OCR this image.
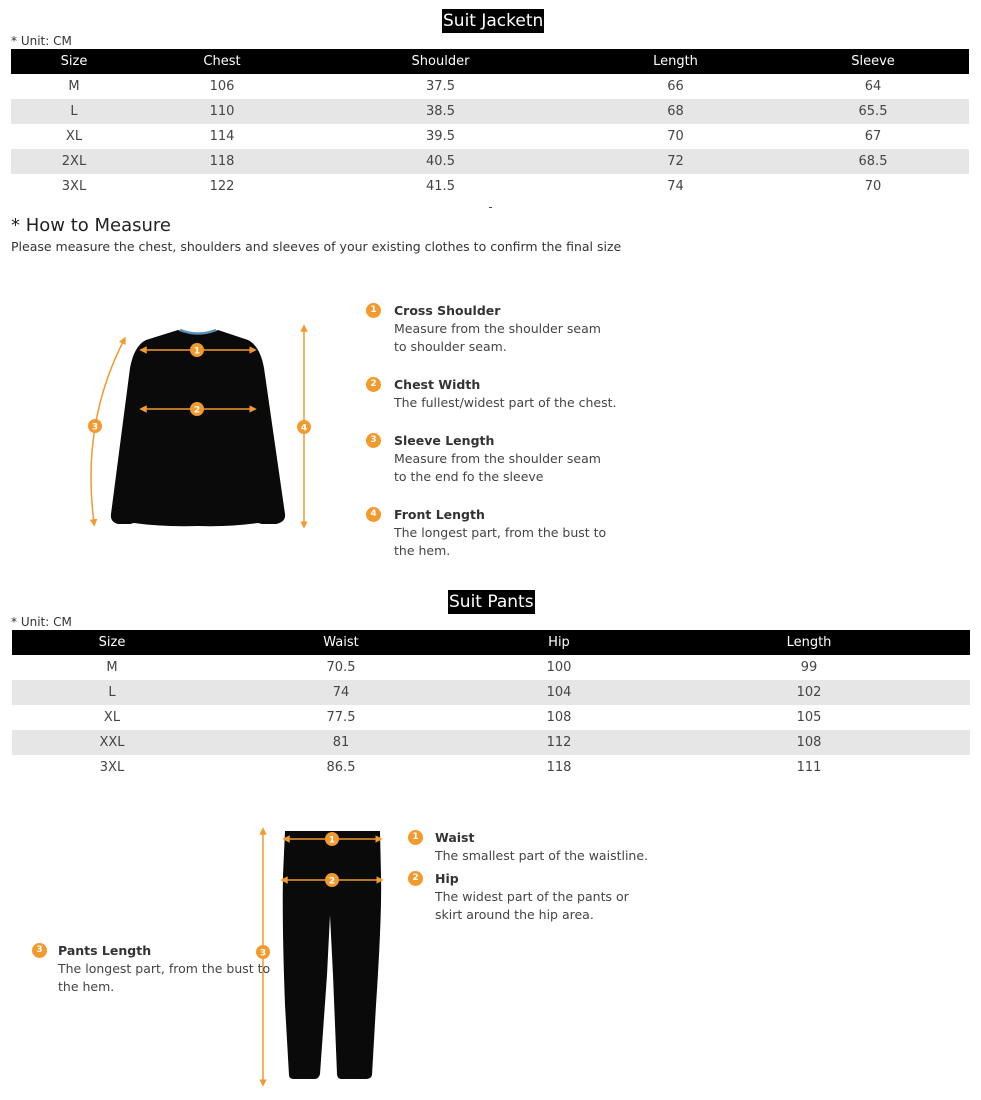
Suit Jacketn
* Unit: CM
Size	Chest	Shoulder	Length	Sleeve
M	106	37.5	66	64
L	110	38.5	68	65.5
XL	114	39.5	70	67
2XL	118	40.5	72	68.5
3XL	122	41.5	74	70
* How to Measure
Please measure the chest, shoulders and sleeves of your existing clothes to confirm the final size
1
2
3	4
1	Cross Shoulder
Measure from the shoulder seam
to shoulder seam.
2	Chest Width
The fullest/widest part of the chest.
3	Sleeve Length
Measure from the shoulder seam
to the end fo the sleeve
4	Front Length
The longest part, from the bust to
the hem.
Suit Pants
* Unit: CM
Size	Waist	Hip	Length
M	70.5	100	99
L	74	104	102
XL	77.5	108	105
XXL	81	112	108
3XL	86.5	118	111
1
2
3
1	Waist
The smallest part of the waistline.
2	Hip
The widest part of the pants or
skirt around the hip area.
3	Pants Length
The longest part, from the bust to
the hem.
